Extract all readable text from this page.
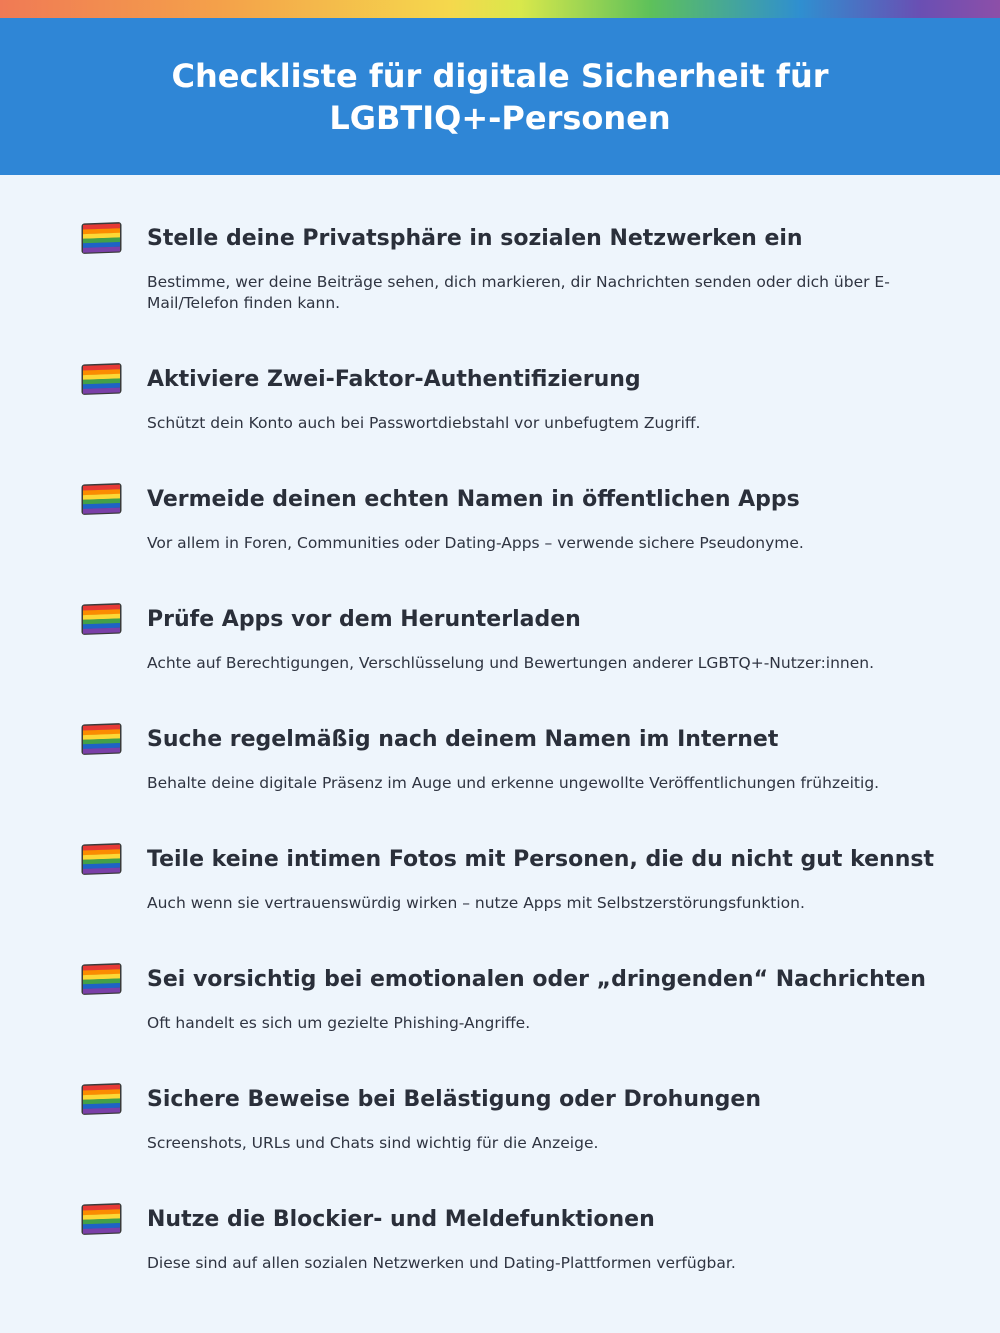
Checkliste für digitale Sicherheit für LGBTIQ+-Personen
Stelle deine Privatsphäre in sozialen Netzwerken ein

Bestimme, wer deine Beiträge sehen, dich markieren, dir Nachrichten senden oder dich über E-Mail/Telefon finden kann.

Aktiviere Zwei-Faktor-Authentifizierung

Schützt dein Konto auch bei Passwortdiebstahl vor unbefugtem Zugriff.

Vermeide deinen echten Namen in öffentlichen Apps

Vor allem in Foren, Communities oder Dating-Apps – verwende sichere Pseudonyme.

Prüfe Apps vor dem Herunterladen

Achte auf Berechtigungen, Verschlüsselung und Bewertungen anderer LGBTQ+-Nutzer:innen.

Suche regelmäßig nach deinem Namen im Internet

Behalte deine digitale Präsenz im Auge und erkenne ungewollte Veröffentlichungen frühzeitig.

Teile keine intimen Fotos mit Personen, die du nicht gut kennst

Auch wenn sie vertrauenswürdig wirken – nutze Apps mit Selbstzerstörungsfunktion.

Sei vorsichtig bei emotionalen oder „dringenden“ Nachrichten

Oft handelt es sich um gezielte Phishing-Angriffe.

Sichere Beweise bei Belästigung oder Drohungen

Screenshots, URLs und Chats sind wichtig für die Anzeige.

Nutze die Blockier- und Meldefunktionen

Diese sind auf allen sozialen Netzwerken und Dating-Plattformen verfügbar.
